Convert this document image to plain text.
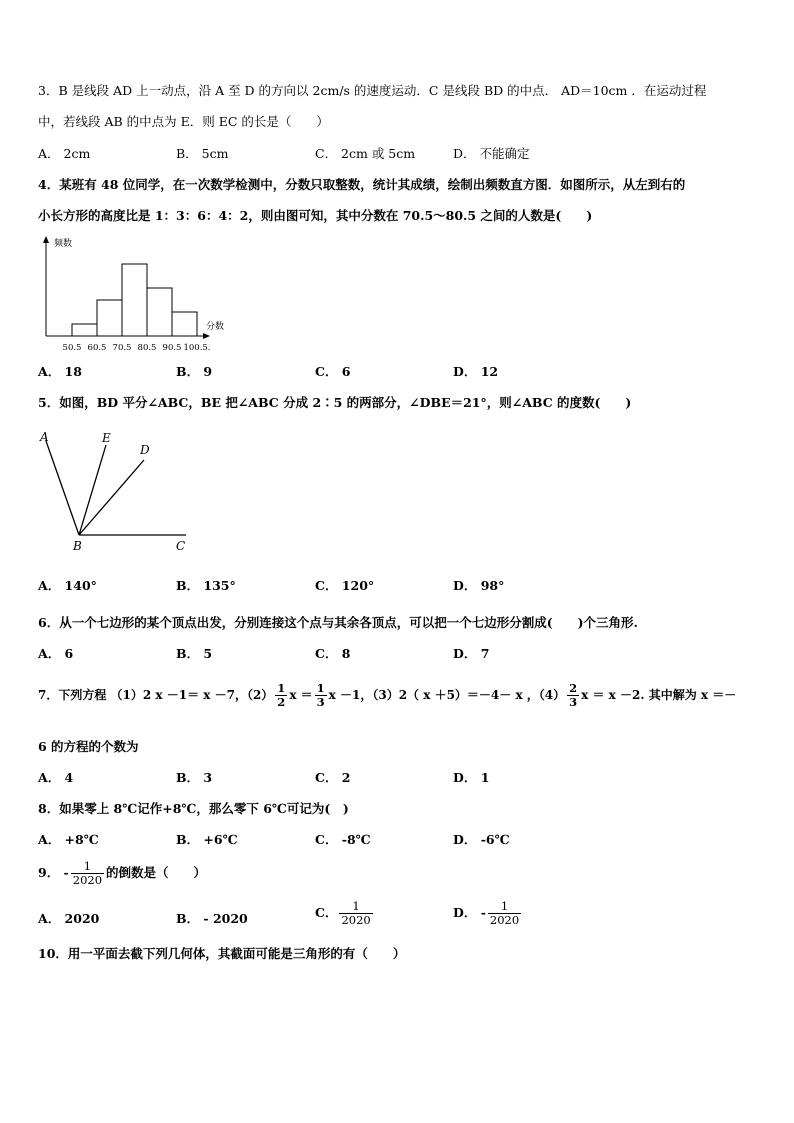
3．B 是线段 AD 上一动点，沿 A 至 D 的方向以 2cm/s 的速度运动．C 是线段 BD 的中点． AD＝10cm ．在运动过程
中，若线段 AB 的中点为 E．则 EC 的长是（　　）
A． 2cm	B． 5cm	C． 2cm 或 5cm	D． 不能确定
4．某班有 48 位同学，在一次数学检测中，分数只取整数，统计其成绩，绘制出频数直方图．如图所示，从左到右的
小长方形的高度比是 1：3：6：4：2，则由图可知，其中分数在 70.5～80.5 之间的人数是(　　)
50.5 60.5 70.5 80.5 90.5 100.5.
频数
分数
A． 18	B． 9	C． 6	D． 12
5．如图，BD 平分∠ABC，BE 把∠ABC 分成 2∶5 的两部分，∠DBE＝21°，则∠ABC 的度数(　　)
A	E
D
B	C
A． 140°	B． 135°	C． 120°	D． 98°
6．从一个七边形的某个顶点出发，分别连接这个点与其余各顶点，可以把一个七边形分割成(　　)个三角形.
A． 6	B． 5	C． 8	D． 7
7．下列方程 （1）2 x －1＝ x －7，$(2) \frac{1}{2}$ $x = \frac{1}{3}$ x －1，（3）2（ x ＋5）＝－4－ x ，$(4) \frac{2}{3}$ x ＝ x －2. 其中解为 x ＝－
6 的方程的个数为
A． 4	B． 3	C． 2	D． 1
8．如果零上 8℃记作+8℃，那么零下 6℃可记为(　)
A． +8℃	B． +6℃	C． -8℃	D． -6℃
9． - $\frac{1}{2020}$ 的倒数是（　　）
A． 2020	B． - 2020	C． $\frac{1}{2020}$	D． - $\frac{1}{2020}$
10．用一平面去截下列几何体，其截面可能是三角形的有（　　）
